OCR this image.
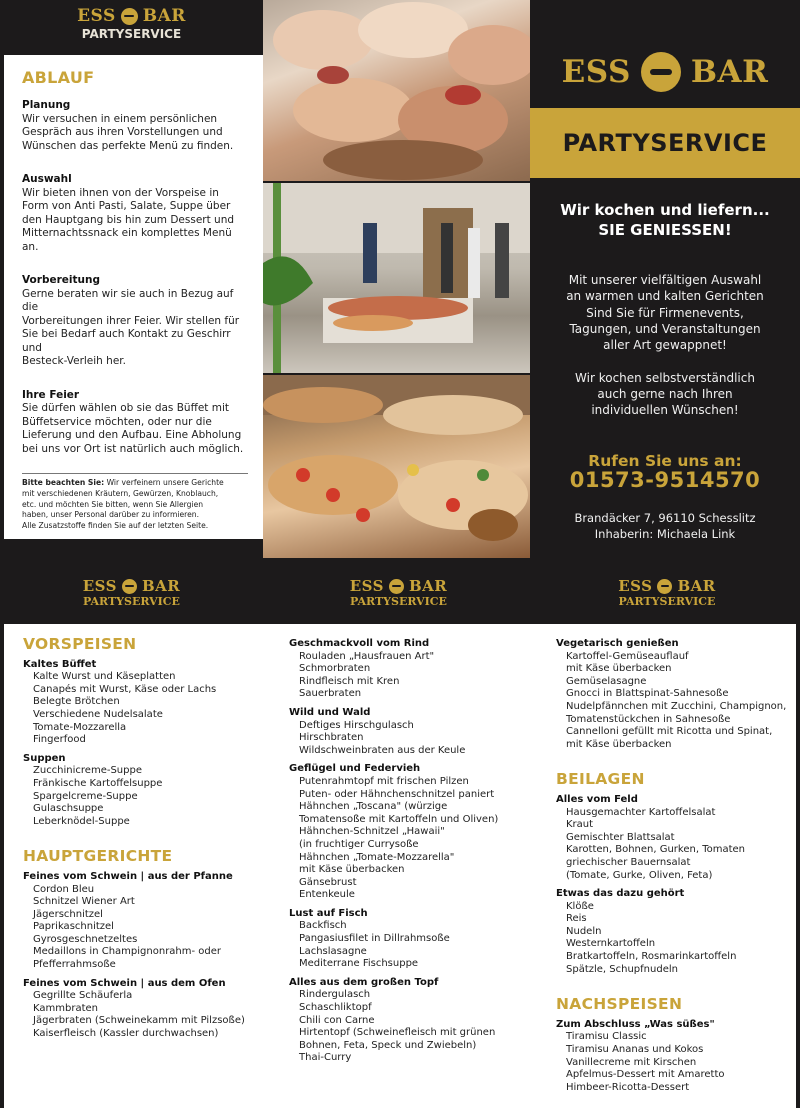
ESS BAR
PARTYSERVICE
ABLAUF
Planung

Wir versuchen in einem persönlichen
Gespräch aus ihren Vorstellungen und
Wünschen das perfekte Menü zu finden.

Auswahl

Wir bieten ihnen von der Vorspeise in
Form von Anti Pasti, Salate, Suppe über
den Hauptgang bis hin zum Dessert und
Mitternachtssnack ein komplettes Menü an.

Vorbereitung

Gerne beraten wir sie auch in Bezug auf die
Vorbereitungen ihrer Feier. Wir stellen für
Sie bei Bedarf auch Kontakt zu Geschirr und
Besteck-Verleih her.

Ihre Feier

Sie dürfen wählen ob sie das Büffet mit
Büffetservice möchten, oder nur die
Lieferung und den Aufbau. Eine Abholung
bei uns vor Ort ist natürlich auch möglich.

Bitte beachten Sie: Wir verfeinern unsere Gerichte
mit verschiedenen Kräutern, Gewürzen, Knoblauch,
etc. und möchten Sie bitten, wenn Sie Allergien
haben, unser Personal darüber zu informieren.
Alle Zusatzstoffe finden Sie auf der letzten Seite.
ESS BAR
PARTYSERVICE
Wir kochen und liefern...
SIE GENIESSEN!
Mit unserer vielfältigen Auswahl
an warmen und kalten Gerichten
Sind Sie für Firmenevents,
Tagungen, und Veranstaltungen
aller Art gewappnet!

Wir kochen selbstverständlich
auch gerne nach Ihren
individuellen Wünschen!
Rufen Sie uns an:
01573-9514570
Brandäcker 7, 96110 Schesslitz
Inhaberin: Michaela Link
ESS BAR
PARTYSERVICE
ESS BAR
PARTYSERVICE
ESS BAR
PARTYSERVICE
VORSPEISEN
Kaltes Büffet
Kalte Wurst und Käseplatten
Canapés mit Wurst, Käse oder Lachs
Belegte Brötchen
Verschiedene Nudelsalate
Tomate-Mozzarella
Fingerfood
Suppen
Zucchinicreme-Suppe
Fränkische Kartoffelsuppe
Spargelcreme-Suppe
Gulaschsuppe
Leberknödel-Suppe
HAUPTGERICHTE
Feines vom Schwein | aus der Pfanne
Cordon Bleu
Schnitzel Wiener Art
Jägerschnitzel
Paprikaschnitzel
Gyrosgeschnetzeltes
Medaillons in Champignonrahm- oder
Pfefferrahmsoße
Feines vom Schwein | aus dem Ofen
Gegrillte Schäuferla
Kammbraten
Jägerbraten (Schweinekamm mit Pilzsoße)
Kaiserfleisch (Kassler durchwachsen)
Geschmackvoll vom Rind
Rouladen „Hausfrauen Art"
Schmorbraten
Rindfleisch mit Kren
Sauerbraten
Wild und Wald
Deftiges Hirschgulasch
Hirschbraten
Wildschweinbraten aus der Keule
Geflügel und Federvieh
Putenrahmtopf mit frischen Pilzen
Puten- oder Hähnchenschnitzel paniert
Hähnchen „Toscana" (würzige
Tomatensoße mit Kartoffeln und Oliven)
Hähnchen-Schnitzel „Hawaii"
(in fruchtiger Currysoße
Hähnchen „Tomate-Mozzarella"
mit Käse überbacken
Gänsebrust
Entenkeule
Lust auf Fisch
Backfisch
Pangasiusfilet in Dillrahmsoße
Lachslasagne
Mediterrane Fischsuppe
Alles aus dem großen Topf
Rindergulasch
Schaschliktopf
Chili con Carne
Hirtentopf (Schweinefleisch mit grünen
Bohnen, Feta, Speck und Zwiebeln)
Thai-Curry
Vegetarisch genießen
Kartoffel-Gemüseauflauf
mit Käse überbacken
Gemüselasagne
Gnocci in Blattspinat-Sahnesoße
Nudelpfännchen mit Zucchini, Champignon,
Tomatenstückchen in Sahnesoße
Cannelloni gefüllt mit Ricotta und Spinat,
mit Käse überbacken
BEILAGEN
Alles vom Feld
Hausgemachter Kartoffelsalat
Kraut
Gemischter Blattsalat
Karotten, Bohnen, Gurken, Tomaten
griechischer Bauernsalat
(Tomate, Gurke, Oliven, Feta)
Etwas das dazu gehört
Klöße
Reis
Nudeln
Westernkartoffeln
Bratkartoffeln, Rosmarinkartoffeln
Spätzle, Schupfnudeln
NACHSPEISEN
Zum Abschluss „Was süßes"
Tiramisu Classic
Tiramisu Ananas und Kokos
Vanillecreme mit Kirschen
Apfelmus-Dessert mit Amaretto
Himbeer-Ricotta-Dessert
